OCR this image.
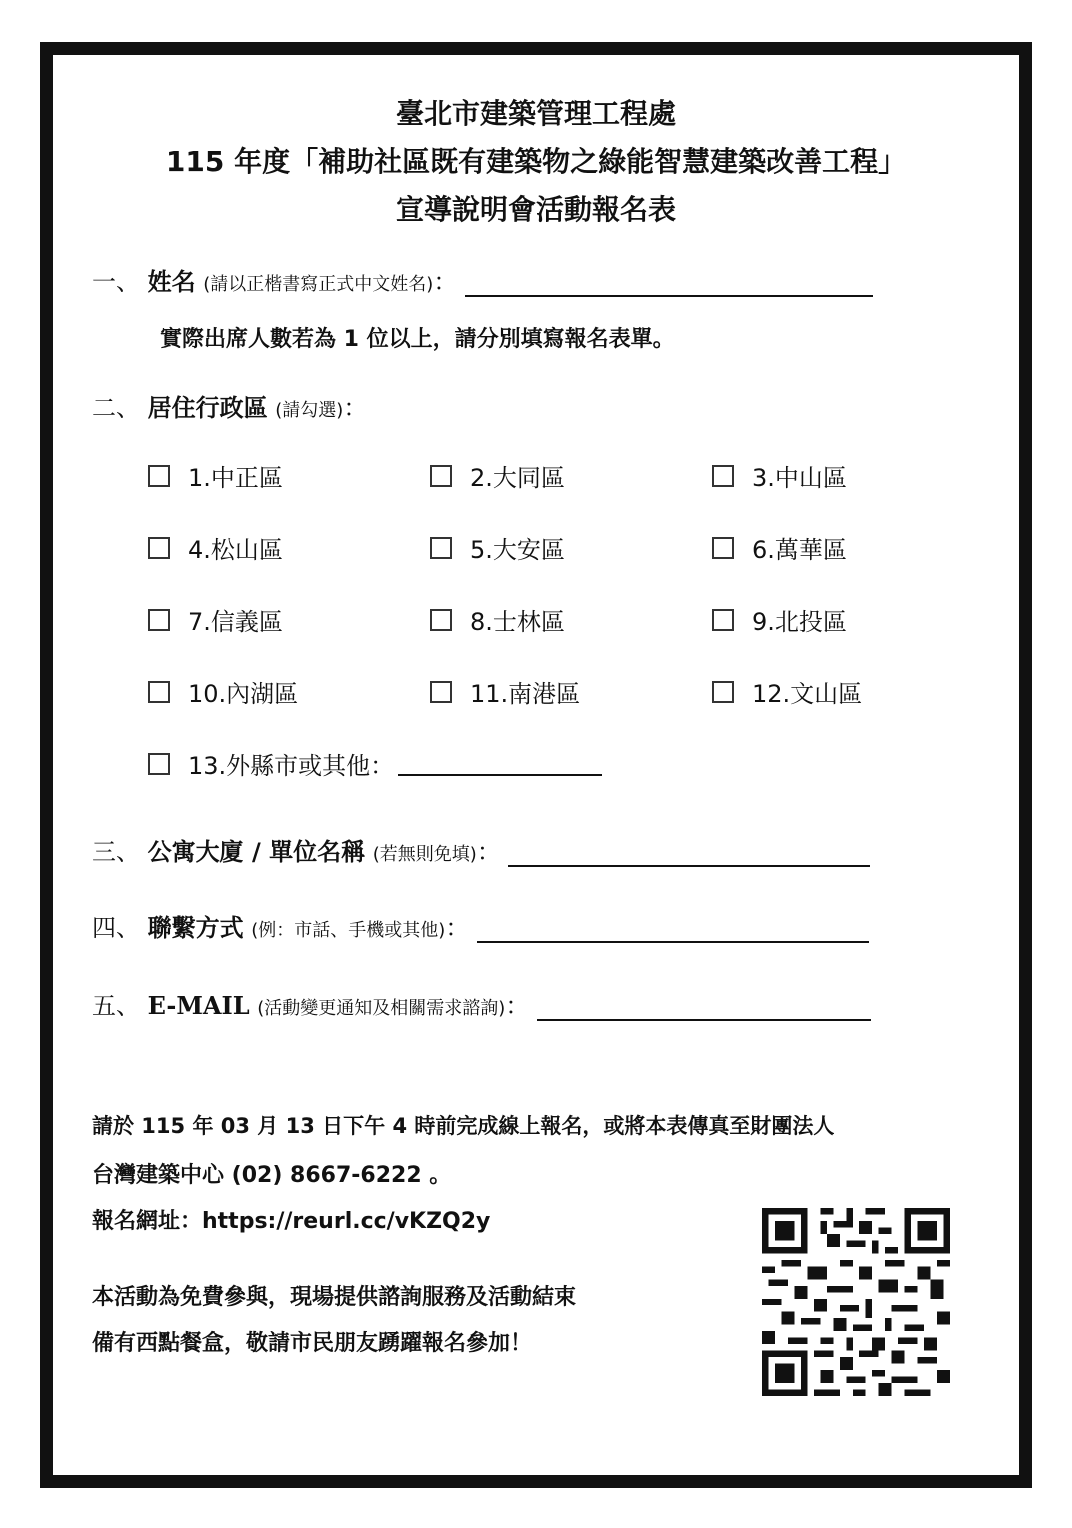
臺北市建築管理工程處
115 年度「補助社區既有建築物之綠能智慧建築改善工程」
宣導說明會活動報名表
一、 姓名 (請以正楷書寫正式中文姓名)：
實際出席人數若為 1 位以上，請分別填寫報名表單。
二、 居住行政區 (請勾選)：
1.中正區	2.大同區	3.中山區
4.松山區	5.大安區	6.萬華區
7.信義區	8.士林區	9.北投區
10.內湖區	11.南港區	12.文山區
13.外縣市或其他：
三、 公寓大廈 / 單位名稱 (若無則免填)：
四、 聯繫方式 (例：市話、手機或其他)：
五、 E-MAIL (活動變更通知及相關需求諮詢)：
請於 115 年 03 月 13 日下午 4 時前完成線上報名，或將本表傳真至財團法人
台灣建築中心 (02) 8667-6222 。
報名網址：https://reurl.cc/vKZQ2y
本活動為免費參與，現場提供諮詢服務及活動結束
備有西點餐盒，敬請市民朋友踴躍報名參加！
